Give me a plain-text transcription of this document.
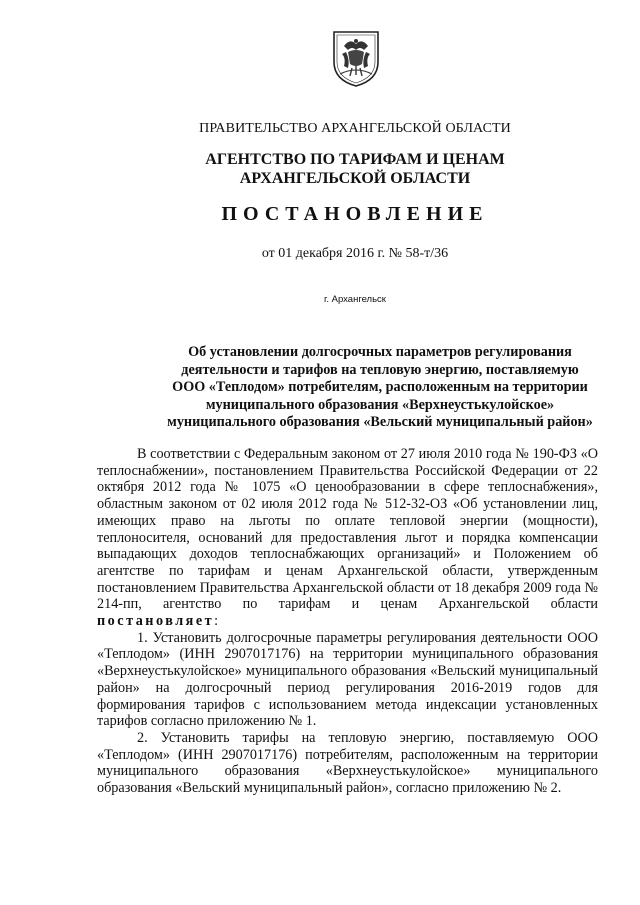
ПРАВИТЕЛЬСТВО АРХАНГЕЛЬСКОЙ ОБЛАСТИ
АГЕНТСТВО ПО ТАРИФАМ И ЦЕНАМ
АРХАНГЕЛЬСКОЙ ОБЛАСТИ
ПОСТАНОВЛЕНИЕ
от 01 декабря 2016 г. № 58-т/36
г. Архангельск
Об установлении долгосрочных параметров регулирования
деятельности и тарифов на тепловую энергию, поставляемую
ООО «Теплодом» потребителям, расположенным на территории
муниципального образования «Верхнеустькулойское»
муниципального образования «Вельский муниципальный район»

В соответствии с Федеральным законом от 27 июля 2010 года № 190-ФЗ «О теплоснабжении», постановлением Правительства Российской Федерации от 22 октября 2012 года № 1075 «О ценообразовании в сфере теплоснабжения», областным законом от 02 июля 2012 года № 512-32-ОЗ «Об установлении лиц, имеющих право на льготы по оплате тепловой энергии (мощности), теплоносителя, оснований для предоставления льгот и порядка компенсации выпадающих доходов теплоснабжающих организаций» и Положением об агентстве по тарифам и ценам Архангельской области, утвержденным постановлением Правительства Архангельской области от 18 декабря 2009 года № 214-пп, агентство по тарифам и ценам Архангельской области постановляет:

1. Установить долгосрочные параметры регулирования деятельности ООО «Теплодом» (ИНН 2907017176) на территории муниципального образования «Верхнеустькулойское» муниципального образования «Вельский муниципальный район» на долгосрочный период регулирования 2016-2019 годов для формирования тарифов с использованием метода индексации установленных тарифов согласно приложению № 1.

2. Установить тарифы на тепловую энергию, поставляемую ООО «Теплодом» (ИНН 2907017176) потребителям, расположенным на территории муниципального образования «Верхнеустькулойское» муниципального образования «Вельский муниципальный район», согласно приложению № 2.
